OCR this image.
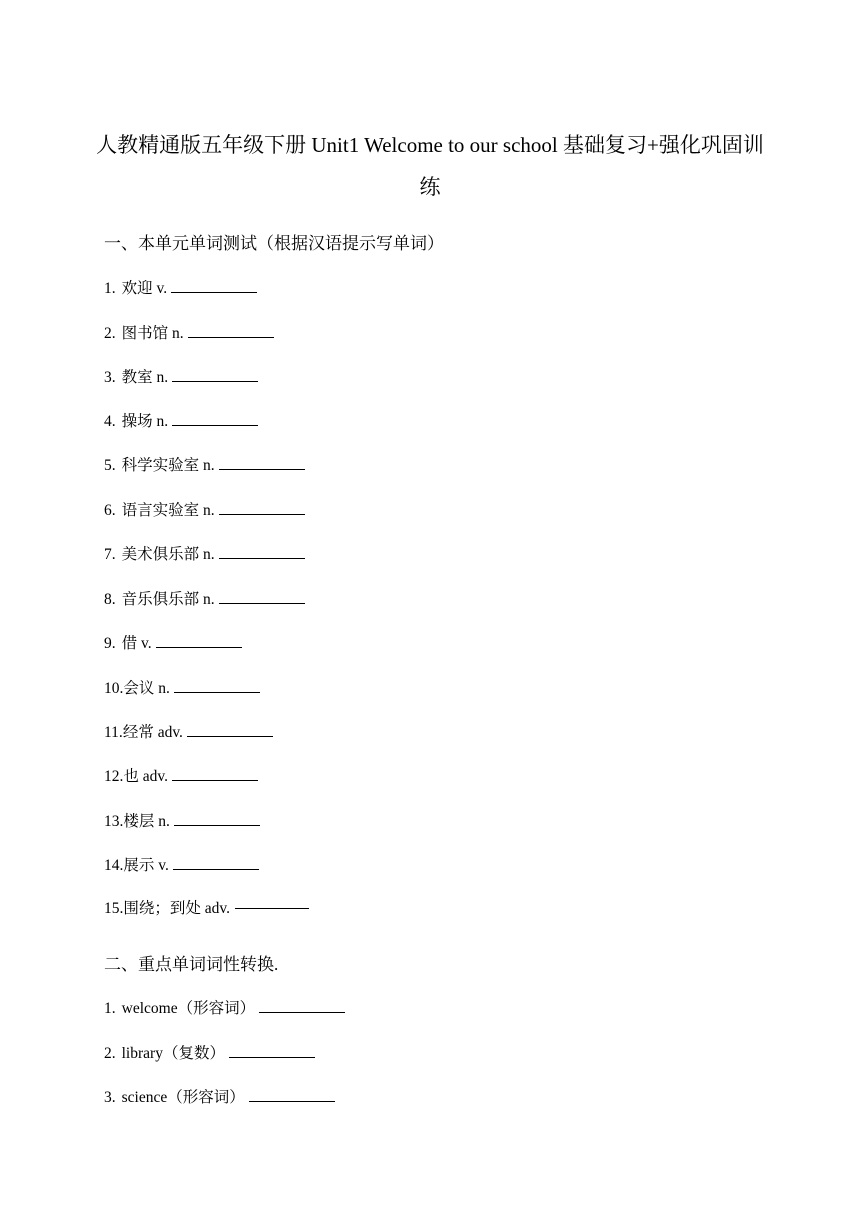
人教精通版五年级下册 Unit1 Welcome to our school 基础复习+强化巩固训
练
一、本单元单词测试（根据汉语提示写单词）
1. 欢迎 v.
2. 图书馆 n.
3. 教室 n.
4. 操场 n.
5. 科学实验室 n.
6. 语言实验室 n.
7. 美术俱乐部 n.
8. 音乐俱乐部 n.
9. 借 v.
10.会议 n.
11.经常 adv.
12.也 adv.
13.楼层 n.
14.展示 v.
15.围绕；到处 adv.
二、重点单词词性转换.
1. welcome（形容词）
2. library（复数）
3. science（形容词）
